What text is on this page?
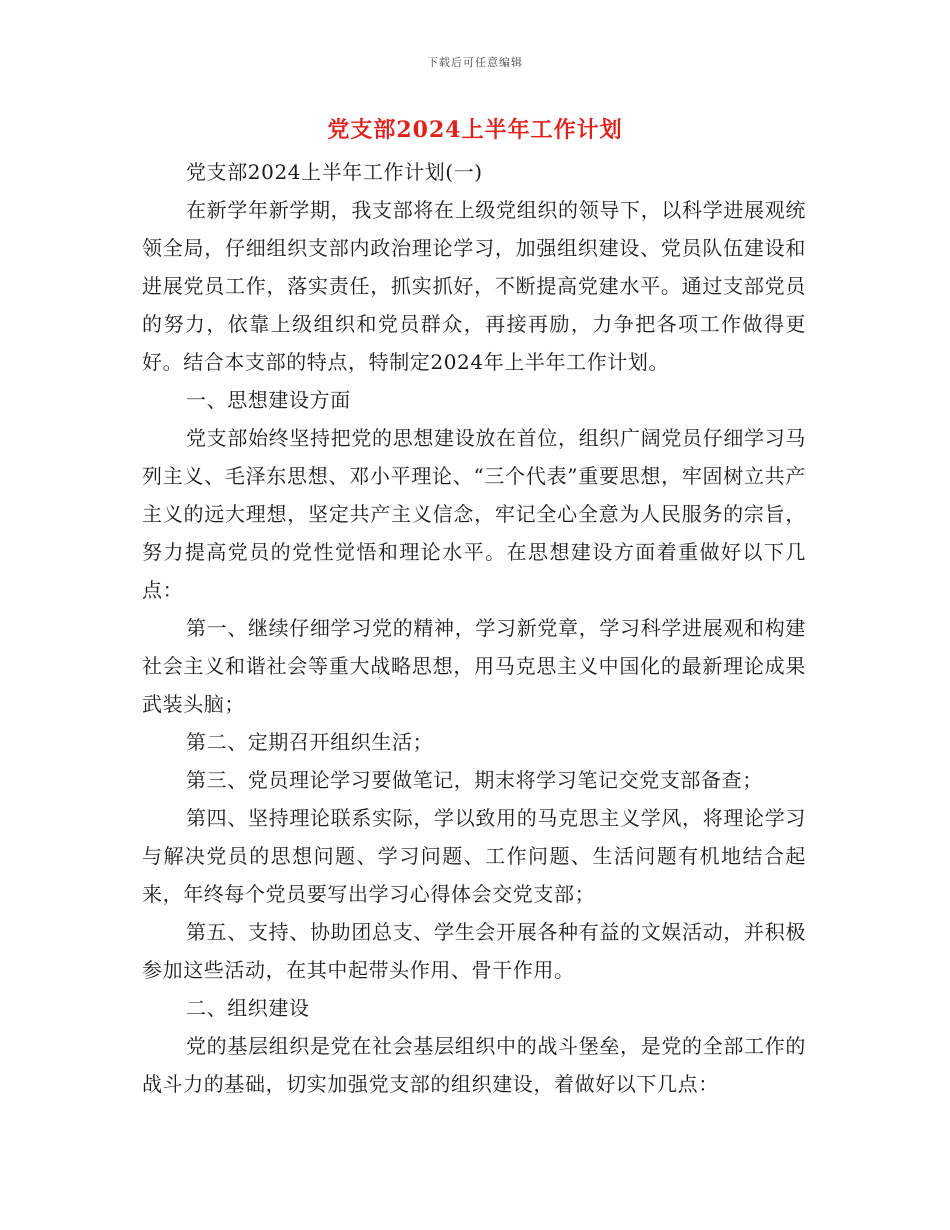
下载后可任意编辑
党支部2024上半年工作计划

党支部2024上半年工作计划(一)

在新学年新学期，我支部将在上级党组织的领导下，以科学进展观统领全局，仔细组织支部内政治理论学习，加强组织建设、党员队伍建设和进展党员工作，落实责任，抓实抓好，不断提高党建水平。通过支部党员的努力，依靠上级组织和党员群众，再接再励，力争把各项工作做得更好。结合本支部的特点，特制定2024年上半年工作计划。

一、思想建设方面

党支部始终坚持把党的思想建设放在首位，组织广阔党员仔细学习马列主义、毛泽东思想、邓小平理论、“三个代表”重要思想，牢固树立共产主义的远大理想，坚定共产主义信念，牢记全心全意为人民服务的宗旨，努力提高党员的党性觉悟和理论水平。在思想建设方面着重做好以下几点：

第一、继续仔细学习党的精神，学习新党章，学习科学进展观和构建社会主义和谐社会等重大战略思想，用马克思主义中国化的最新理论成果武装头脑；

第二、定期召开组织生活；

第三、党员理论学习要做笔记，期末将学习笔记交党支部备查；

第四、坚持理论联系实际，学以致用的马克思主义学风，将理论学习与解决党员的思想问题、学习问题、工作问题、生活问题有机地结合起来，年终每个党员要写出学习心得体会交党支部；

第五、支持、协助团总支、学生会开展各种有益的文娱活动，并积极参加这些活动，在其中起带头作用、骨干作用。

二、组织建设

党的基层组织是党在社会基层组织中的战斗堡垒，是党的全部工作的战斗力的基础，切实加强党支部的组织建设，着做好以下几点：
